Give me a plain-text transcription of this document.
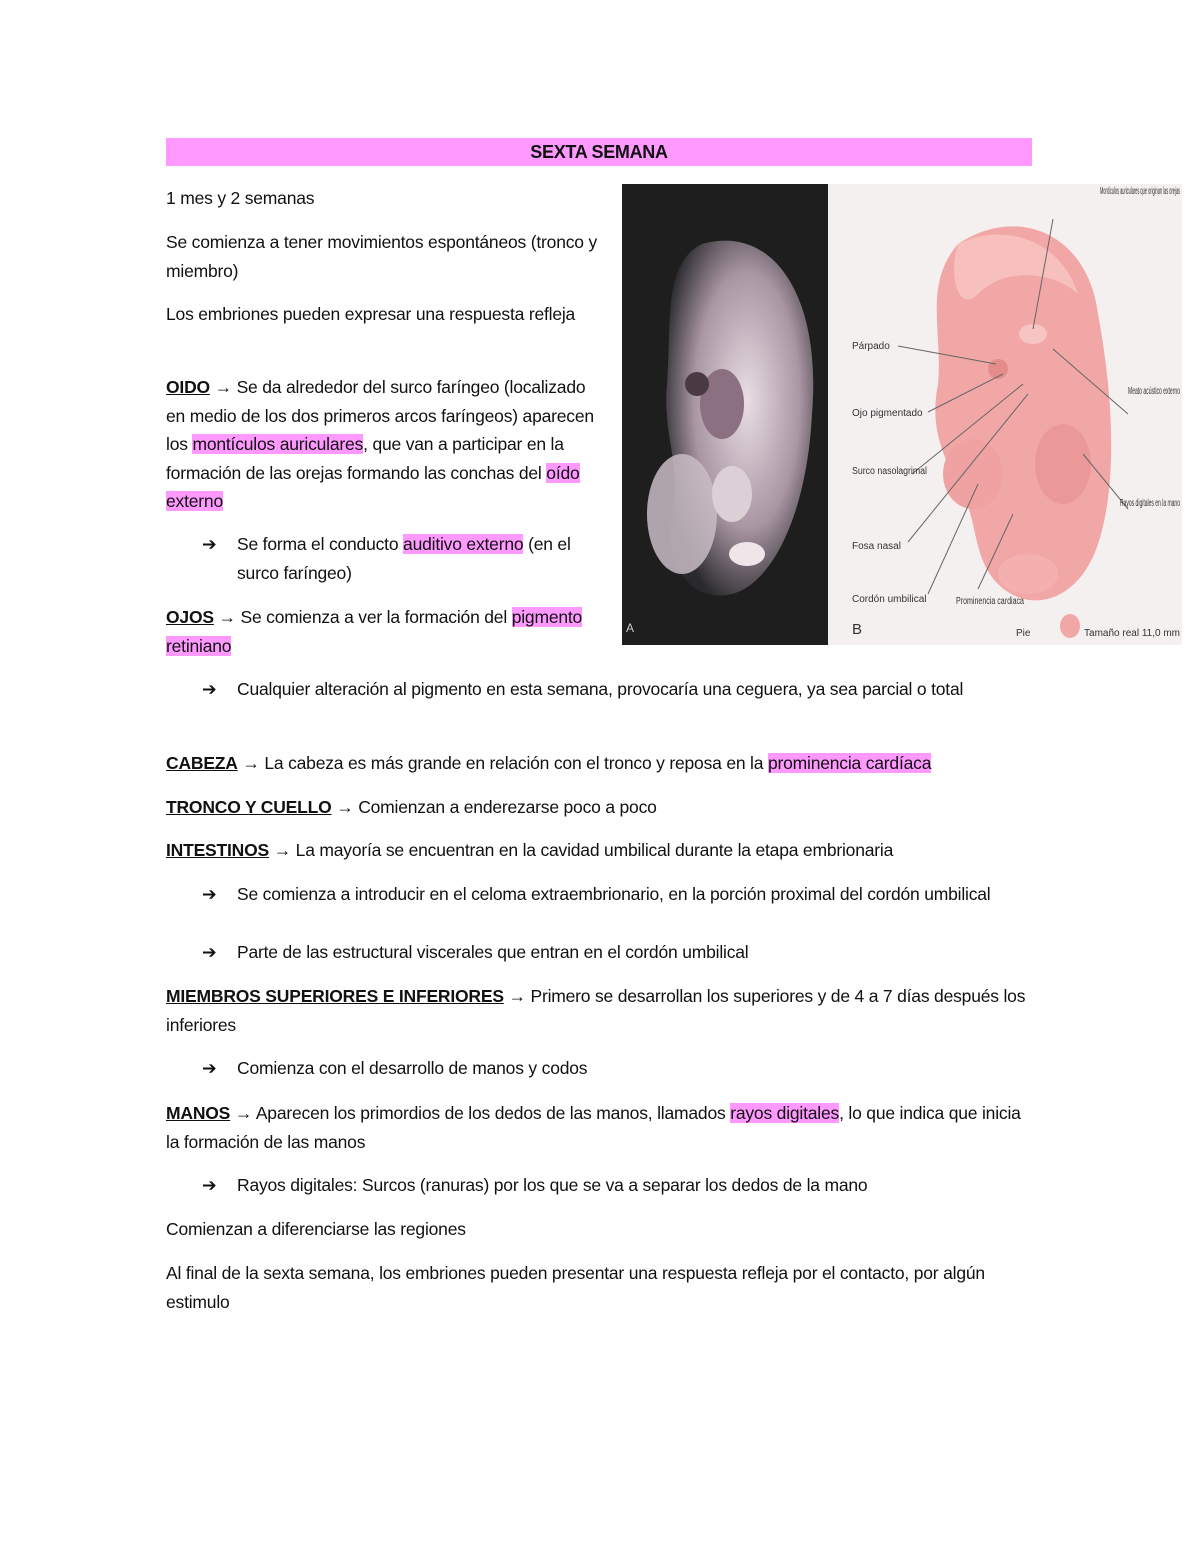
SEXTA SEMANA
1 mes y 2 semanas
Se comienza a tener movimientos espontáneos (tronco y miembro)
Los embriones pueden expresar una respuesta refleja
OIDO → Se da alrededor del surco faríngeo (localizado en medio de los dos primeros arcos faríngeos) aparecen los montículos auriculares, que van a participar en la formación de las orejas formando las conchas del oído externo
➔ Se forma el conducto auditivo externo (en el surco faríngeo)
OJOS → Se comienza a ver la formación del pigmento retiniano
➔ Cualquier alteración al pigmento en esta semana, provocaría una ceguera, ya sea parcial o total
CABEZA → La cabeza es más grande en relación con el tronco y reposa en la prominencia cardíaca
TRONCO Y CUELLO → Comienzan a enderezarse poco a poco
INTESTINOS → La mayoría se encuentran en la cavidad umbilical durante la etapa embrionaria
➔ Se comienza a introducir en el celoma extraembrionario, en la porción proximal del cordón umbilical
➔ Parte de las estructural viscerales que entran en el cordón umbilical
MIEMBROS SUPERIORES E INFERIORES → Primero se desarrollan los superiores y de 4 a 7 días después los inferiores
➔ Comienza con el desarrollo de manos y codos
MANOS → Aparecen los primordios de los dedos de las manos, llamados rayos digitales, lo que indica que inicia la formación de las manos
➔ Rayos digitales: Surcos (ranuras) por los que se va a separar los dedos de la mano
Comienzan a diferenciarse las regiones
Al final de la sexta semana, los embriones pueden presentar una respuesta refleja por el contacto, por algún estimulo
A
Montículos auriculares que originan las orejas
Párpado
Ojo pigmentado
Surco nasolagrimal
Fosa nasal
Cordón umbilical	Prominencia cardiaca
Pie
Meato acústico externo
Rayos digitales en la mano
Tamaño real 11,0 mm
B
